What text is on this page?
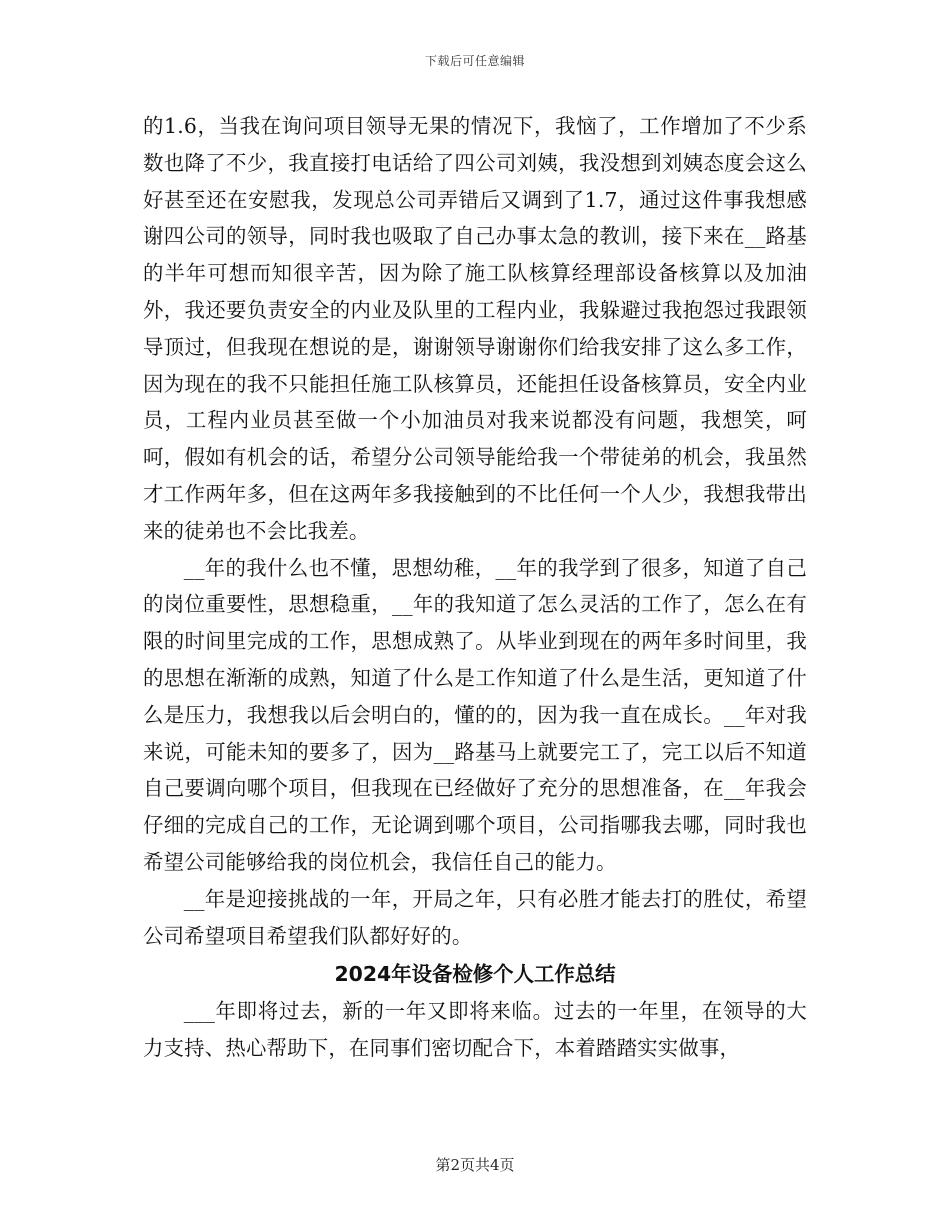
下载后可任意编辑

的1.6，当我在询问项目领导无果的情况下，我恼了，工作增加了不少系数也降了不少，我直接打电话给了四公司刘姨，我没想到刘姨态度会这么好甚至还在安慰我，发现总公司弄错后又调到了1.7，通过这件事我想感谢四公司的领导，同时我也吸取了自己办事太急的教训，接下来在__路基的半年可想而知很辛苦，因为除了施工队核算经理部设备核算以及加油外，我还要负责安全的内业及队里的工程内业，我躲避过我抱怨过我跟领导顶过，但我现在想说的是，谢谢领导谢谢你们给我安排了这么多工作，因为现在的我不只能担任施工队核算员，还能担任设备核算员，安全内业员，工程内业员甚至做一个小加油员对我来说都没有问题，我想笑，呵呵，假如有机会的话，希望分公司领导能给我一个带徒弟的机会，我虽然才工作两年多，但在这两年多我接触到的不比任何一个人少，我想我带出来的徒弟也不会比我差。

__年的我什么也不懂，思想幼稚，__年的我学到了很多，知道了自己的岗位重要性，思想稳重，__年的我知道了怎么灵活的工作了，怎么在有限的时间里完成的工作，思想成熟了。从毕业到现在的两年多时间里，我的思想在渐渐的成熟，知道了什么是工作知道了什么是生活，更知道了什么是压力，我想我以后会明白的，懂的的，因为我一直在成长。__年对我来说，可能未知的要多了，因为__路基马上就要完工了，完工以后不知道自己要调向哪个项目，但我现在已经做好了充分的思想准备，在__年我会仔细的完成自己的工作，无论调到哪个项目，公司指哪我去哪，同时我也希望公司能够给我的岗位机会，我信任自己的能力。

__年是迎接挑战的一年，开局之年，只有必胜才能去打的胜仗，希望公司希望项目希望我们队都好好的。

2024年设备检修个人工作总结

___年即将过去，新的一年又即将来临。过去的一年里，在领导的大力支持、热心帮助下，在同事们密切配合下，本着踏踏实实做事，

第2页共4页
